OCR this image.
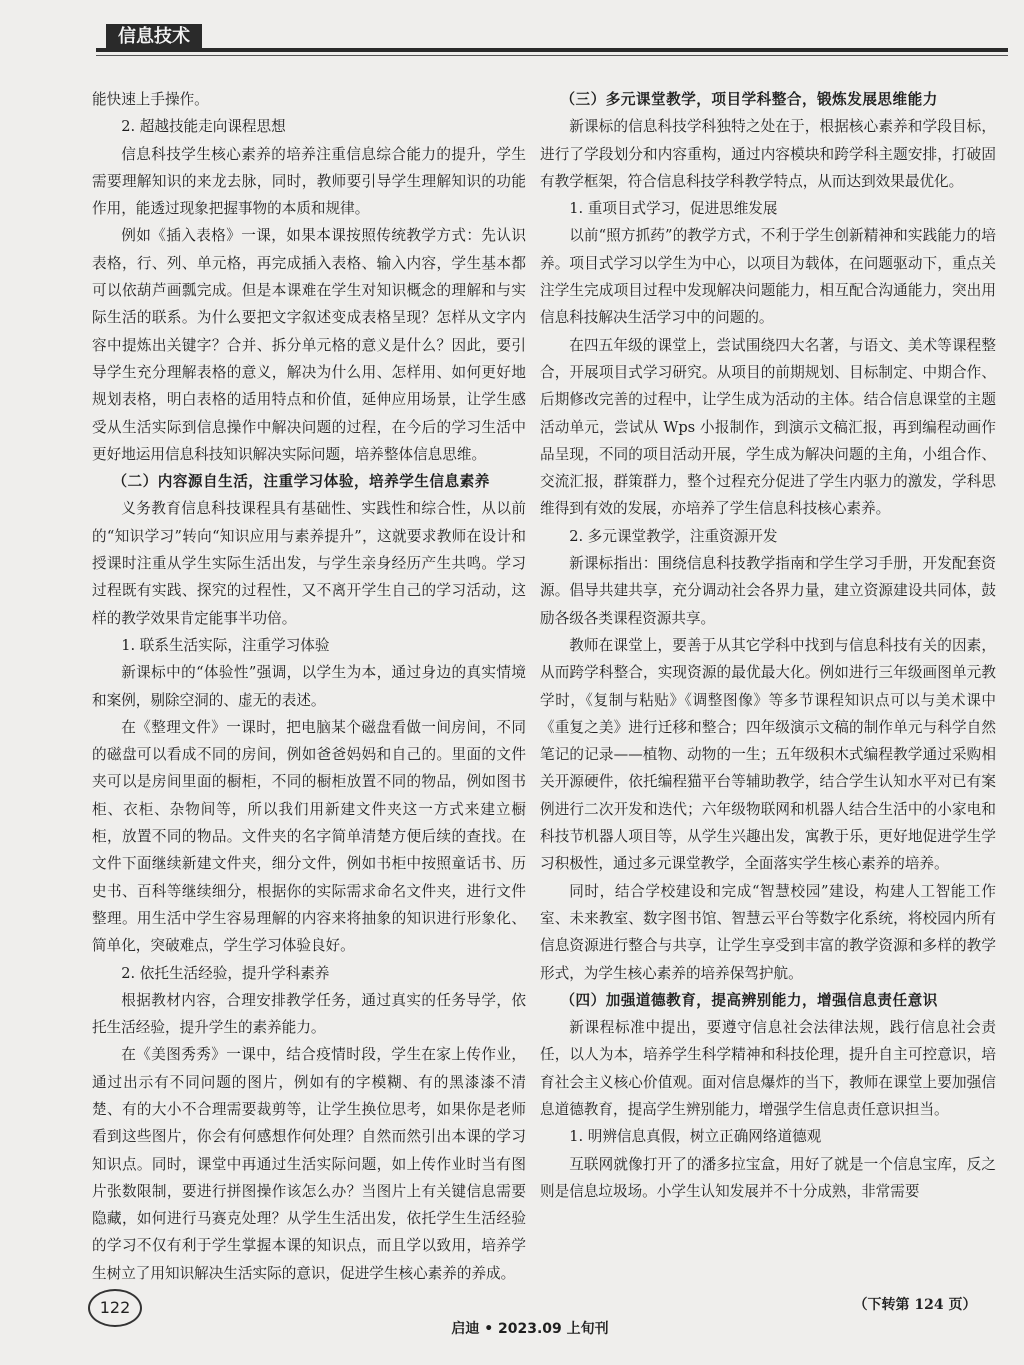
信息技术

能快速上手操作。

2. 超越技能走向课程思想

信息科技学生核心素养的培养注重信息综合能力的提升，学生需要理解知识的来龙去脉，同时，教师要引导学生理解知识的功能作用，能透过现象把握事物的本质和规律。

例如《插入表格》一课，如果本课按照传统教学方式：先认识表格，行、列、单元格，再完成插入表格、输入内容，学生基本都可以依葫芦画瓢完成。但是本课难在学生对知识概念的理解和与实际生活的联系。为什么要把文字叙述变成表格呈现？怎样从文字内容中提炼出关键字？合并、拆分单元格的意义是什么？因此，要引导学生充分理解表格的意义，解决为什么用、怎样用、如何更好地规划表格，明白表格的适用特点和价值，延伸应用场景，让学生感受从生活实际到信息操作中解决问题的过程，在今后的学习生活中更好地运用信息科技知识解决实际问题，培养整体信息思维。

（二）内容源自生活，注重学习体验，培养学生信息素养

义务教育信息科技课程具有基础性、实践性和综合性，从以前的“知识学习”转向“知识应用与素养提升”，这就要求教师在设计和授课时注重从学生实际生活出发，与学生亲身经历产生共鸣。学习过程既有实践、探究的过程性，又不离开学生自己的学习活动，这样的教学效果肯定能事半功倍。

1. 联系生活实际，注重学习体验

新课标中的“体验性”强调，以学生为本，通过身边的真实情境和案例，剔除空洞的、虚无的表述。

在《整理文件》一课时，把电脑某个磁盘看做一间房间，不同的磁盘可以看成不同的房间，例如爸爸妈妈和自己的。里面的文件夹可以是房间里面的橱柜，不同的橱柜放置不同的物品，例如图书柜、衣柜、杂物间等，所以我们用新建文件夹这一方式来建立橱柜，放置不同的物品。文件夹的名字简单清楚方便后续的查找。在文件下面继续新建文件夹，细分文件，例如书柜中按照童话书、历史书、百科等继续细分，根据你的实际需求命名文件夹，进行文件整理。用生活中学生容易理解的内容来将抽象的知识进行形象化、简单化，突破难点，学生学习体验良好。

2. 依托生活经验，提升学科素养

根据教材内容，合理安排教学任务，通过真实的任务导学，依托生活经验，提升学生的素养能力。

在《美图秀秀》一课中，结合疫情时段，学生在家上传作业，通过出示有不同问题的图片，例如有的字模糊、有的黑漆漆不清楚、有的大小不合理需要裁剪等，让学生换位思考，如果你是老师看到这些图片，你会有何感想作何处理？自然而然引出本课的学习知识点。同时，课堂中再通过生活实际问题，如上传作业时当有图片张数限制，要进行拼图操作该怎么办？当图片上有关键信息需要隐藏，如何进行马赛克处理？从学生生活出发，依托学生生活经验的学习不仅有利于学生掌握本课的知识点，而且学以致用，培养学生树立了用知识解决生活实际的意识，促进学生核心素养的养成。

（三）多元课堂教学，项目学科整合，锻炼发展思维能力

新课标的信息科技学科独特之处在于，根据核心素养和学段目标，进行了学段划分和内容重构，通过内容模块和跨学科主题安排，打破固有教学框架，符合信息科技学科教学特点，从而达到效果最优化。

1. 重项目式学习，促进思维发展

以前“照方抓药”的教学方式，不利于学生创新精神和实践能力的培养。项目式学习以学生为中心，以项目为载体，在问题驱动下，重点关注学生完成项目过程中发现解决问题能力，相互配合沟通能力，突出用信息科技解决生活学习中的问题的。

在四五年级的课堂上，尝试围绕四大名著，与语文、美术等课程整合，开展项目式学习研究。从项目的前期规划、目标制定、中期合作、后期修改完善的过程中，让学生成为活动的主体。结合信息课堂的主题活动单元，尝试从 Wps 小报制作，到演示文稿汇报，再到编程动画作品呈现，不同的项目活动开展，学生成为解决问题的主角，小组合作、交流汇报，群策群力，整个过程充分促进了学生内驱力的激发，学科思维得到有效的发展，亦培养了学生信息科技核心素养。

2. 多元课堂教学，注重资源开发

新课标指出：围绕信息科技教学指南和学生学习手册，开发配套资源。倡导共建共享，充分调动社会各界力量，建立资源建设共同体，鼓励各级各类课程资源共享。

教师在课堂上，要善于从其它学科中找到与信息科技有关的因素，从而跨学科整合，实现资源的最优最大化。例如进行三年级画图单元教学时，《复制与粘贴》《调整图像》等多节课程知识点可以与美术课中《重复之美》进行迁移和整合；四年级演示文稿的制作单元与科学自然笔记的记录——植物、动物的一生；五年级积木式编程教学通过采购相关开源硬件，依托编程猫平台等辅助教学，结合学生认知水平对已有案例进行二次开发和迭代；六年级物联网和机器人结合生活中的小家电和科技节机器人项目等，从学生兴趣出发，寓教于乐，更好地促进学生学习积极性，通过多元课堂教学，全面落实学生核心素养的培养。

同时，结合学校建设和完成“智慧校园”建设，构建人工智能工作室、未来教室、数字图书馆、智慧云平台等数字化系统，将校园内所有信息资源进行整合与共享，让学生享受到丰富的教学资源和多样的教学形式，为学生核心素养的培养保驾护航。

（四）加强道德教育，提高辨别能力，增强信息责任意识

新课程标准中提出，要遵守信息社会法律法规，践行信息社会责任，以人为本，培养学生科学精神和科技伦理，提升自主可控意识，培育社会主义核心价值观。面对信息爆炸的当下，教师在课堂上要加强信息道德教育，提高学生辨别能力，增强学生信息责任意识担当。

1. 明辨信息真假，树立正确网络道德观

互联网就像打开了的潘多拉宝盒，用好了就是一个信息宝库，反之则是信息垃圾场。小学生认知发展并不十分成熟，非常需要

122
启迪 • 2023.09 上旬刊
（下转第 124 页）
